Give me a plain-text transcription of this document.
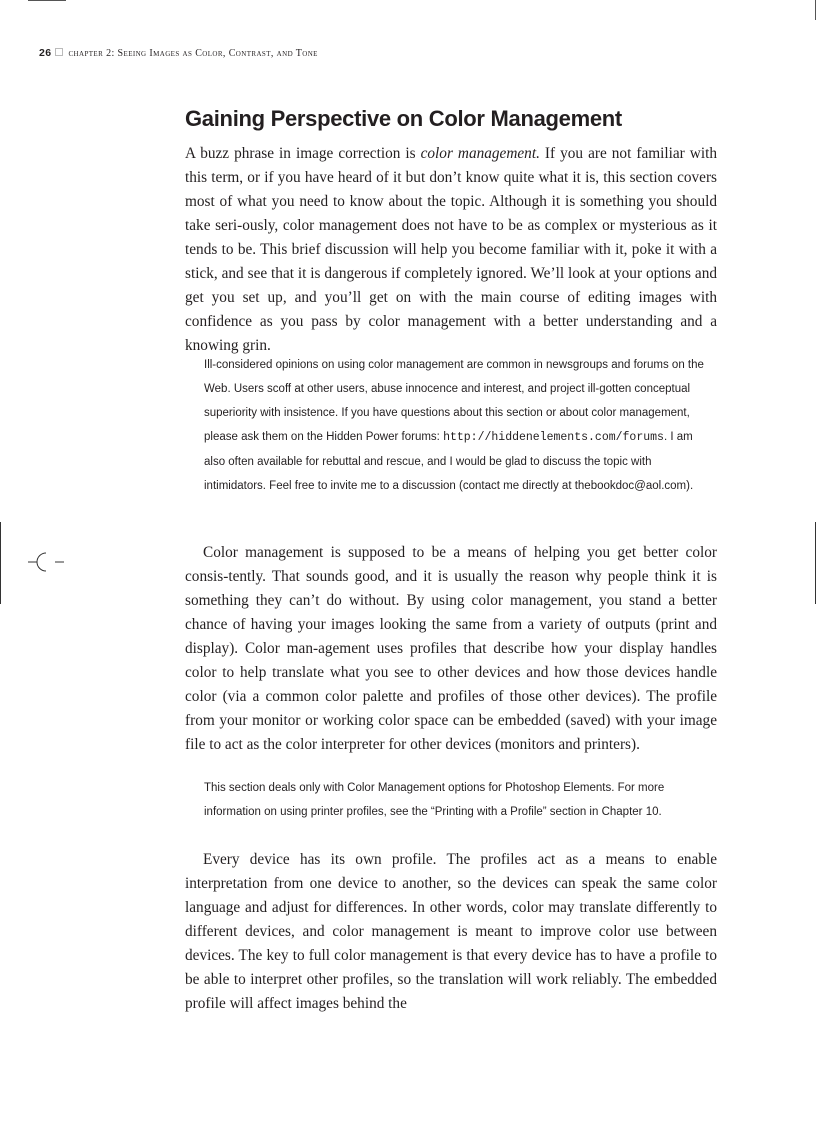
26 chapter 2: Seeing Images as Color, Contrast, and Tone
Gaining Perspective on Color Management

A buzz phrase in image correction is color management. If you are not familiar with this term, or if you have heard of it but don’t know quite what it is, this section covers most of what you need to know about the topic. Although it is something you should take seri-ously, color management does not have to be as complex or mysterious as it tends to be. This brief discussion will help you become familiar with it, poke it with a stick, and see that it is dangerous if completely ignored. We’ll look at your options and get you set up, and you’ll get on with the main course of editing images with confidence as you pass by color management with a better understanding and a knowing grin.

Ill-considered opinions on using color management are common in newsgroups and forums on the Web. Users scoff at other users, abuse innocence and interest, and project ill-gotten conceptual superiority with insistence. If you have questions about this section or about color management, please ask them on the Hidden Power forums: http://hiddenelements.com/forums. I am also often available for rebuttal and rescue, and I would be glad to discuss the topic with intimidators. Feel free to invite me to a discussion (contact me directly at thebookdoc@aol.com).

Color management is supposed to be a means of helping you get better color consis-tently. That sounds good, and it is usually the reason why people think it is something they can’t do without. By using color management, you stand a better chance of having your images looking the same from a variety of outputs (print and display). Color man-agement uses profiles that describe how your display handles color to help translate what you see to other devices and how those devices handle color (via a common color palette and profiles of those other devices). The profile from your monitor or working color space can be embedded (saved) with your image file to act as the color interpreter for other devices (monitors and printers).

This section deals only with Color Management options for Photoshop Elements. For more information on using printer profiles, see the “Printing with a Profile” section in Chapter 10.

Every device has its own profile. The profiles act as a means to enable interpretation from one device to another, so the devices can speak the same color language and adjust for differences. In other words, color may translate differently to different devices, and color management is meant to improve color use between devices. The key to full color management is that every device has to have a profile to be able to interpret other profiles, so the translation will work reliably. The embedded profile will affect images behind the
